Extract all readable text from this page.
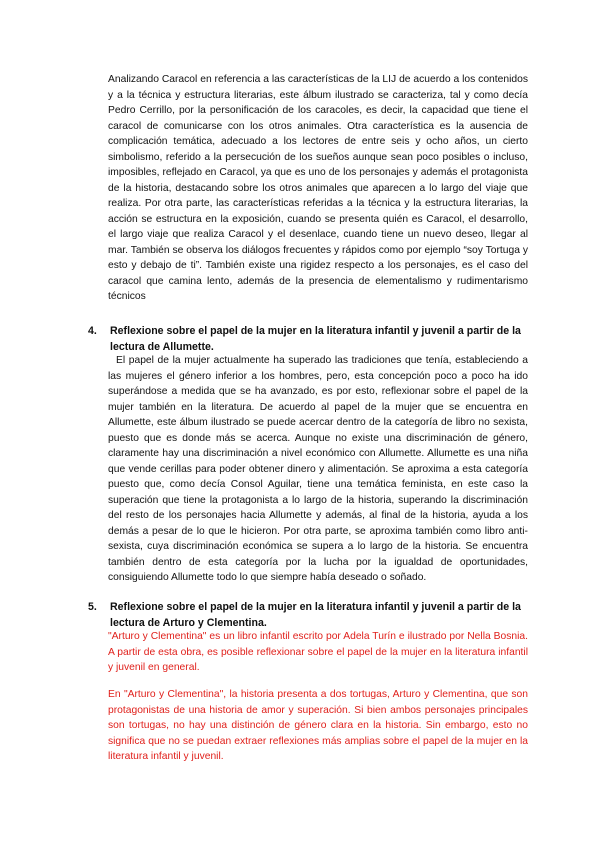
Analizando Caracol en referencia a las características de la LIJ de acuerdo a los contenidos y a la técnica y estructura literarias, este álbum ilustrado se caracteriza, tal y como decía Pedro Cerrillo, por la personificación de los caracoles, es decir, la capacidad que tiene el caracol de comunicarse con los otros animales. Otra característica es la ausencia de complicación temática, adecuado a los lectores de entre seis y ocho años, un cierto simbolismo, referido a la persecución de los sueños aunque sean poco posibles o incluso, imposibles, reflejado en Caracol, ya que es uno de los personajes y además el protagonista de la historia, destacando sobre los otros animales que aparecen a lo largo del viaje que realiza. Por otra parte, las características referidas a la técnica y la estructura literarias, la acción se estructura en la exposición, cuando se presenta quién es Caracol, el desarrollo, el largo viaje que realiza Caracol y el desenlace, cuando tiene un nuevo deseo, llegar al mar. También se observa los diálogos frecuentes y rápidos como por ejemplo “soy Tortuga y esto y debajo de ti”. También existe una rigidez respecto a los personajes, es el caso del caracol que camina lento, además de la presencia de elementalismo y rudimentarismo técnicos

4. Reflexione sobre el papel de la mujer en la literatura infantil y juvenil a partir de la lectura de Allumette.

El papel de la mujer actualmente ha superado las tradiciones que tenía, estableciendo a las mujeres el género inferior a los hombres, pero, esta concepción poco a poco ha ido superándose a medida que se ha avanzado, es por esto, reflexionar sobre el papel de la mujer también en la literatura. De acuerdo al papel de la mujer que se encuentra en Allumette, este álbum ilustrado se puede acercar dentro de la categoría de libro no sexista, puesto que es donde más se acerca. Aunque no existe una discriminación de género, claramente hay una discriminación a nivel económico con Allumette. Allumette es una niña que vende cerillas para poder obtener dinero y alimentación. Se aproxima a esta categoría puesto que, como decía Consol Aguilar, tiene una temática feminista, en este caso la superación que tiene la protagonista a lo largo de la historia, superando la discriminación del resto de los personajes hacia Allumette y además, al final de la historia, ayuda a los demás a pesar de lo que le hicieron. Por otra parte, se aproxima también como libro anti-sexista, cuya discriminación económica se supera a lo largo de la historia. Se encuentra también dentro de esta categoría por la lucha por la igualdad de oportunidades, consiguiendo Allumette todo lo que siempre había deseado o soñado.

5. Reflexione sobre el papel de la mujer en la literatura infantil y juvenil a partir de la lectura de Arturo y Clementina.

"Arturo y Clementina" es un libro infantil escrito por Adela Turín e ilustrado por Nella Bosnia. A partir de esta obra, es posible reflexionar sobre el papel de la mujer en la literatura infantil y juvenil en general.

En "Arturo y Clementina", la historia presenta a dos tortugas, Arturo y Clementina, que son protagonistas de una historia de amor y superación. Si bien ambos personajes principales son tortugas, no hay una distinción de género clara en la historia. Sin embargo, esto no significa que no se puedan extraer reflexiones más amplias sobre el papel de la mujer en la literatura infantil y juvenil.
